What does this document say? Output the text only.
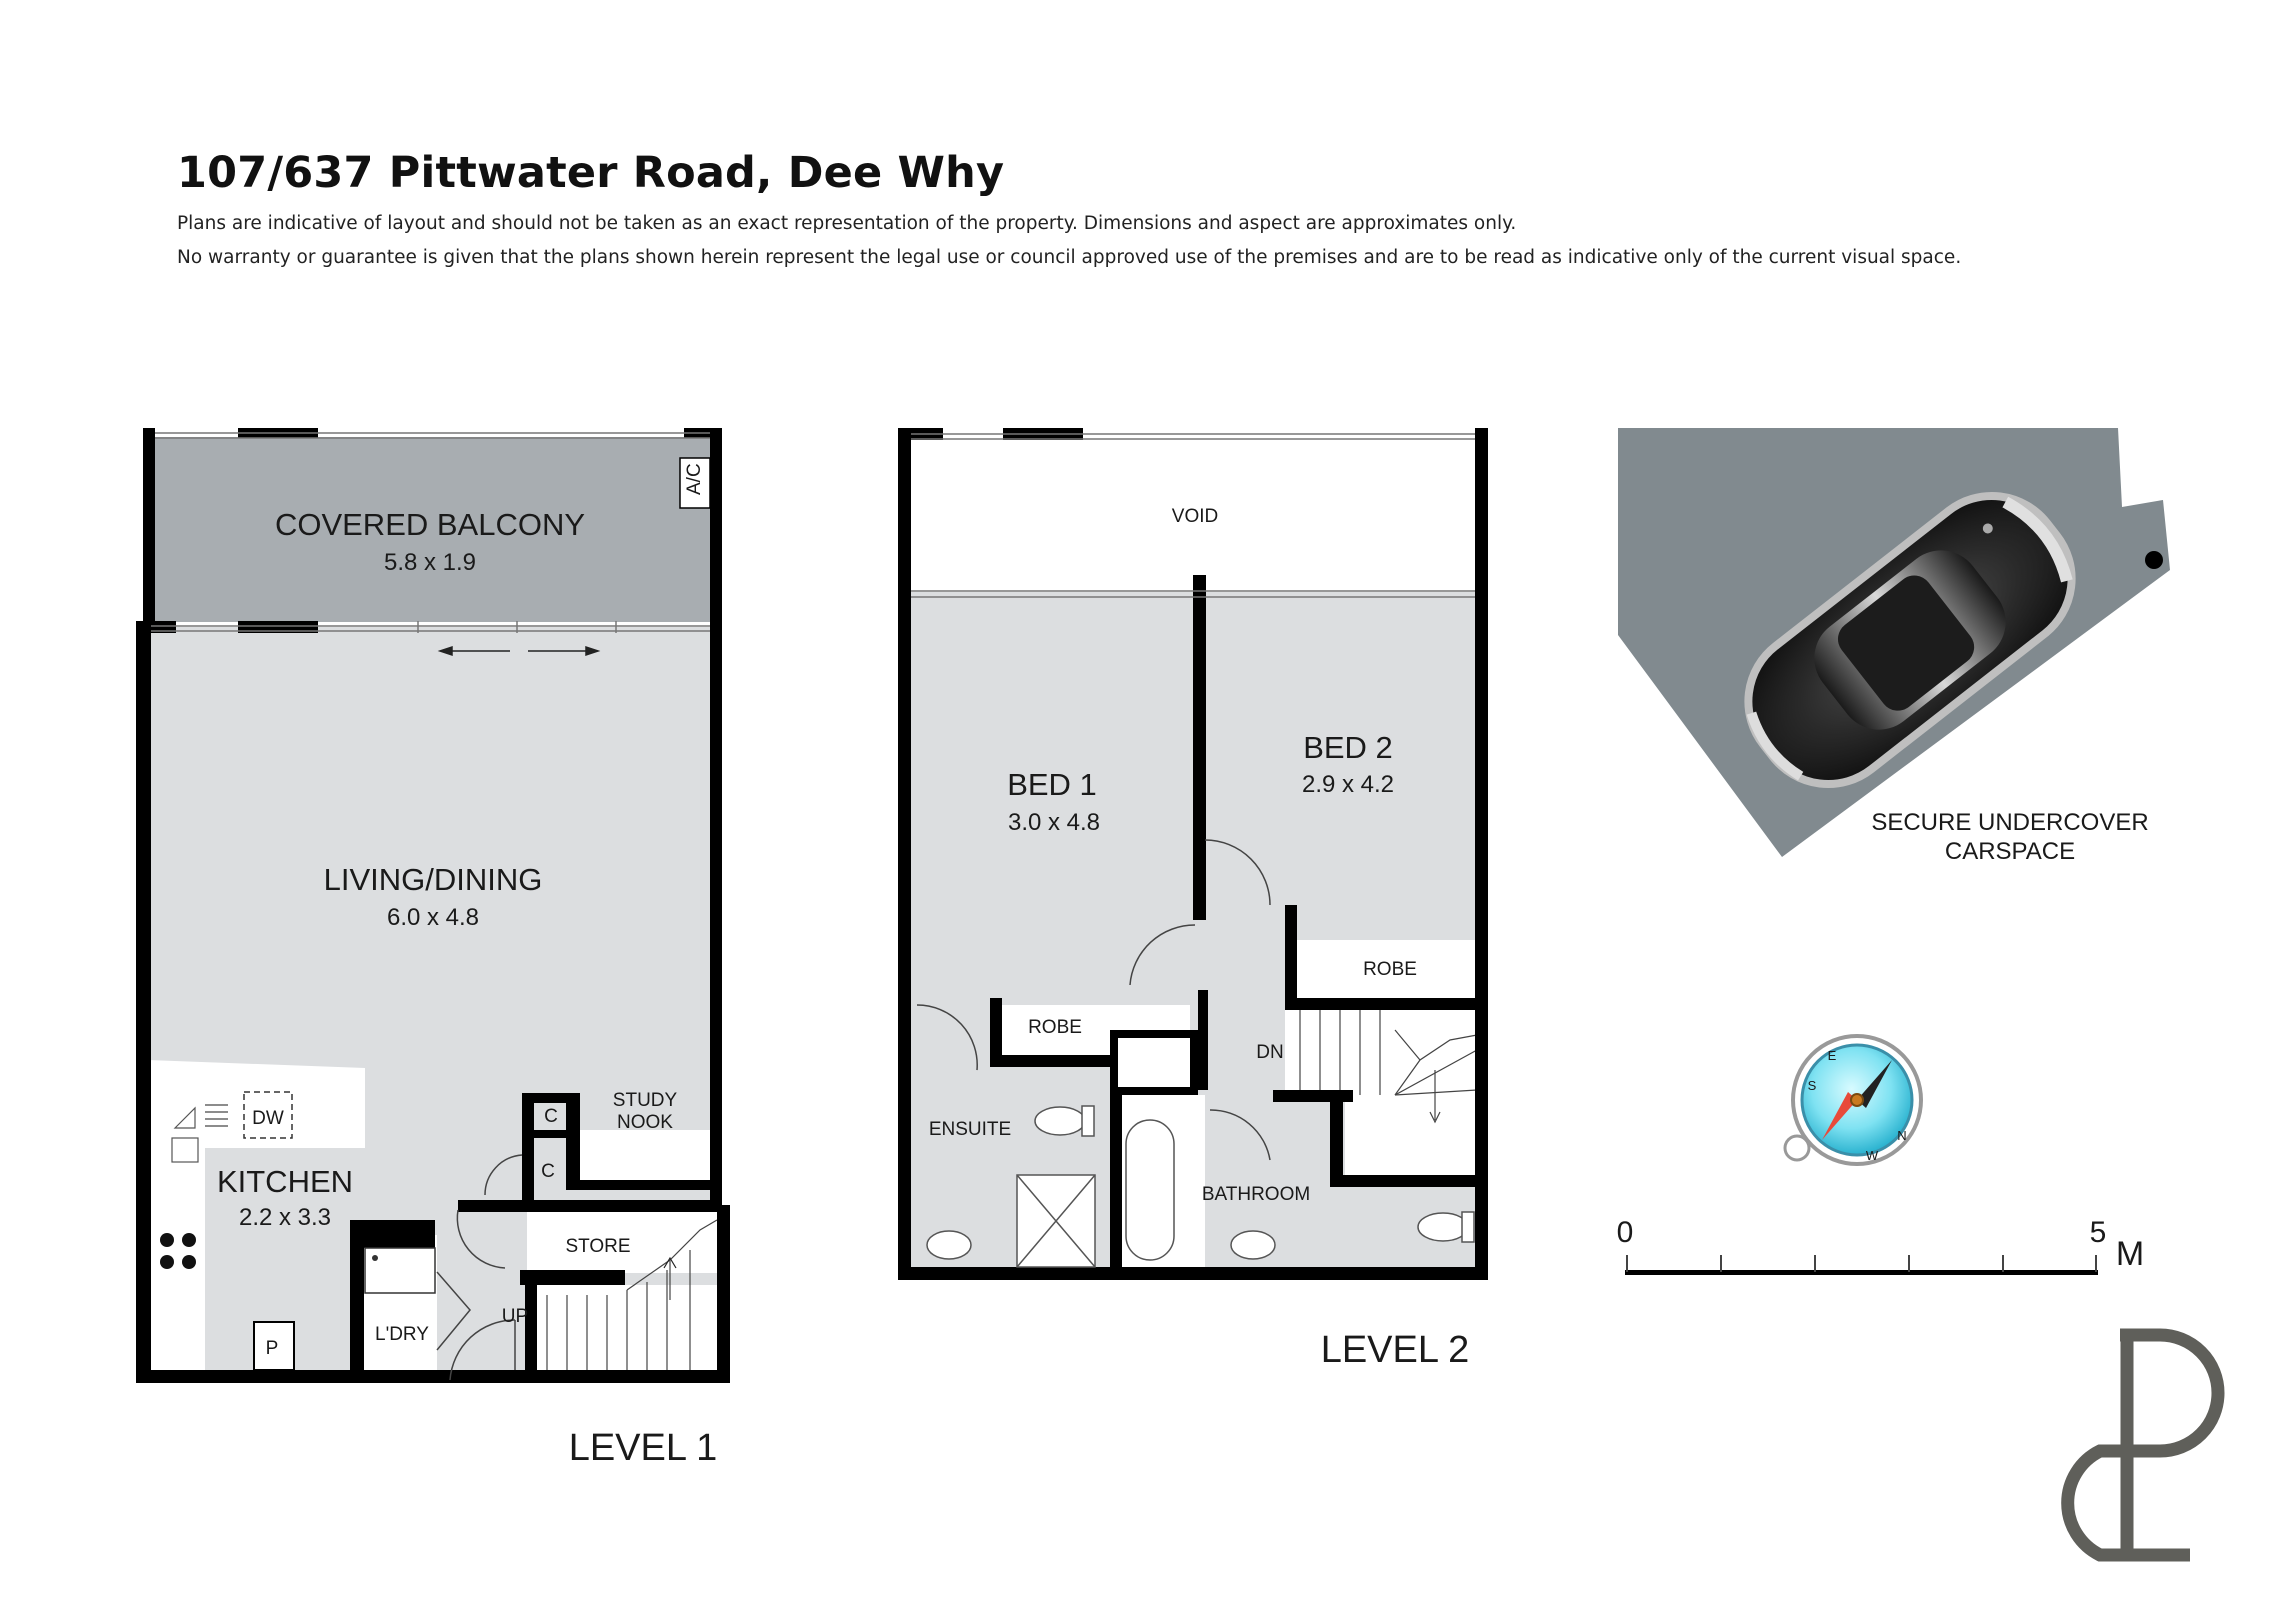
107/637 Pittwater Road, Dee Why

Plans are indicative of layout and should not be taken as an exact representation of the property. Dimensions and aspect are approximates only.

No warranty or guarantee is given that the plans shown herein represent the legal use or council approved use of the premises and are to be read as indicative only of the current visual space.

A/C
COVERED BALCONY
5.8 x 1.9
LIVING/DINING
6.0 x 4.8
KITCHEN
2.2 x 3.3
DW
P
STUDY
NOOK
C
C
STORE
L'DRY
UP
LEVEL 1
VOID
BED 1
3.0 x 4.8
BED 2
2.9 x 4.2
ROBE
ROBE
ENSUITE
BATHROOM
DN
LEVEL 2
SECURE UNDERCOVER
CARSPACE
N
E
S
W
0	5
M
